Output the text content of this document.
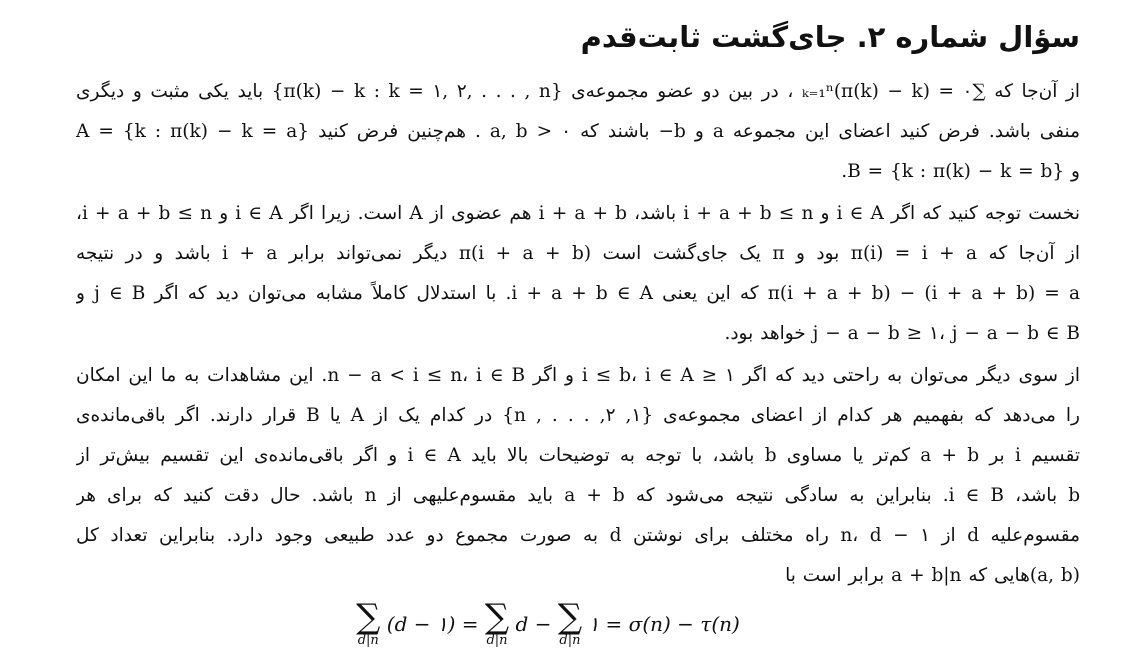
سؤال شماره ۲. جای‌گشت ثابت‌قدم

از آن‌جا که ∑ₖ₌₁ⁿ(π(k) − k) = ۰ ، در بین دو عضو مجموعه‌ی {π(k) − k : k = ۱, ۲, . . . , n} باید یکی مثبت و دیگری
منفی باشد. فرض کنید اعضای این مجموعه a و b− باشند که a, b > ۰ . هم‌چنین فرض کنید A = {k : π(k) − k = a}
و B = {k : π(k) − k = b}.

نخست توجه کنید که اگر i ∈ A و i + a + b ≤ n باشد، i + a + b هم عضوی از A است. زیرا اگر i ∈ A و i + a + b ≤ n،
از آن‌جا که π(i) = i + a بود و π یک جای‌گشت است π(i + a + b) دیگر نمی‌تواند برابر i + a باشد و در نتیجه
π(i + a + b) − (i + a + b) = a که این یعنی i + a + b ∈ A. با استدلال کاملاً مشابه می‌توان دید که اگر j ∈ B و
j − a − b ≥ ۱، j − a − b ∈ B خواهد بود.

از سوی دیگر می‌توان به راحتی دید که اگر ۱ ≤ i ≤ b، i ∈ A و اگر n − a < i ≤ n، i ∈ B. این مشاهدات به ما این امکان
را می‌دهد که بفهمیم هر کدام از اعضای مجموعه‌ی {۱, ۲, . . . , n} در کدام یک از A یا B قرار دارند. اگر باقی‌مانده‌ی
تقسیم i بر a + b کم‌تر یا مساوی b باشد، با توجه به توضیحات بالا باید i ∈ A و اگر باقی‌مانده‌ی این تقسیم بیش‌تر از
b باشد، i ∈ B. بنابراین به سادگی نتیجه می‌شود که a + b باید مقسوم‌علیهی از n باشد. حال دقت کنید که برای هر
مقسوم‌علیه d از n، d − ۱ راه مختلف برای نوشتن d به صورت مجموع دو عدد طبیعی وجود دارد. بنابراین تعداد کل
(a, b)هایی که a + b|n برابر است با

∑
d|n
(d − ۱) = ∑
d|n
d − ∑
d|n
۱ = σ(n) − τ(n)
